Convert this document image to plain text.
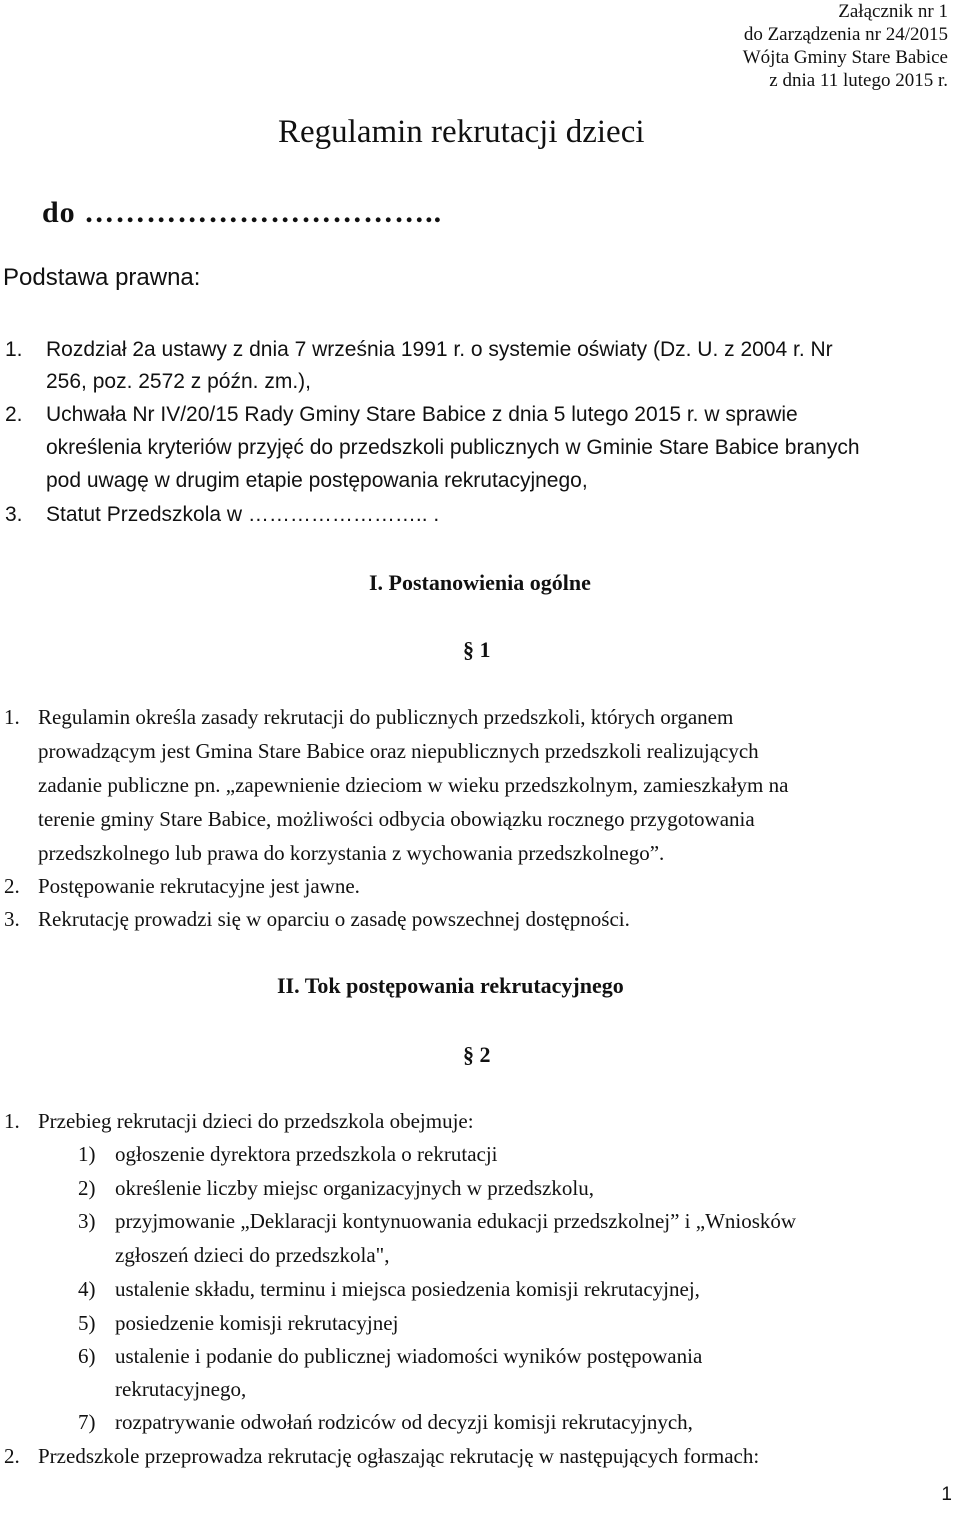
Załącznik nr 1
do Zarządzenia nr 24/2015
Wójta Gminy Stare Babice
z dnia 11 lutego 2015 r.
Regulamin rekrutacji dzieci
do ……………………………..
Podstawa prawna:
1. Rozdział 2a ustawy z dnia 7 września 1991 r. o systemie oświaty (Dz. U. z 2004 r. Nr
256, poz. 2572 z późn. zm.),
2. Uchwała Nr IV/20/15 Rady Gminy Stare Babice z dnia 5 lutego 2015 r. w sprawie
określenia kryteriów przyjęć do przedszkoli publicznych w Gminie Stare Babice branych
pod uwagę w drugim etapie postępowania rekrutacyjnego,
3. Statut Przedszkola w …………………….. .
I. Postanowienia ogólne
§ 1
1. Regulamin określa zasady rekrutacji do publicznych przedszkoli, których organem
prowadzącym jest Gmina Stare Babice oraz niepublicznych przedszkoli realizujących
zadanie publiczne pn. „zapewnienie dzieciom w wieku przedszkolnym, zamieszkałym na
terenie gminy Stare Babice, możliwości odbycia obowiązku rocznego przygotowania
przedszkolnego lub prawa do korzystania z wychowania przedszkolnego”.
2. Postępowanie rekrutacyjne jest jawne.
3. Rekrutację prowadzi się w oparciu o zasadę powszechnej dostępności.
II. Tok postępowania rekrutacyjnego
§ 2
1. Przebieg rekrutacji dzieci do przedszkola obejmuje:
1) ogłoszenie dyrektora przedszkola o rekrutacji
2) określenie liczby miejsc organizacyjnych w przedszkolu,
3) przyjmowanie „Deklaracji kontynuowania edukacji przedszkolnej” i „Wniosków
zgłoszeń dzieci do przedszkola",
4) ustalenie składu, terminu i miejsca posiedzenia komisji rekrutacyjnej,
5) posiedzenie komisji rekrutacyjnej
6) ustalenie i podanie do publicznej wiadomości wyników postępowania
rekrutacyjnego,
7) rozpatrywanie odwołań rodziców od decyzji komisji rekrutacyjnych,
2. Przedszkole przeprowadza rekrutację ogłaszając rekrutację w następujących formach:
1
